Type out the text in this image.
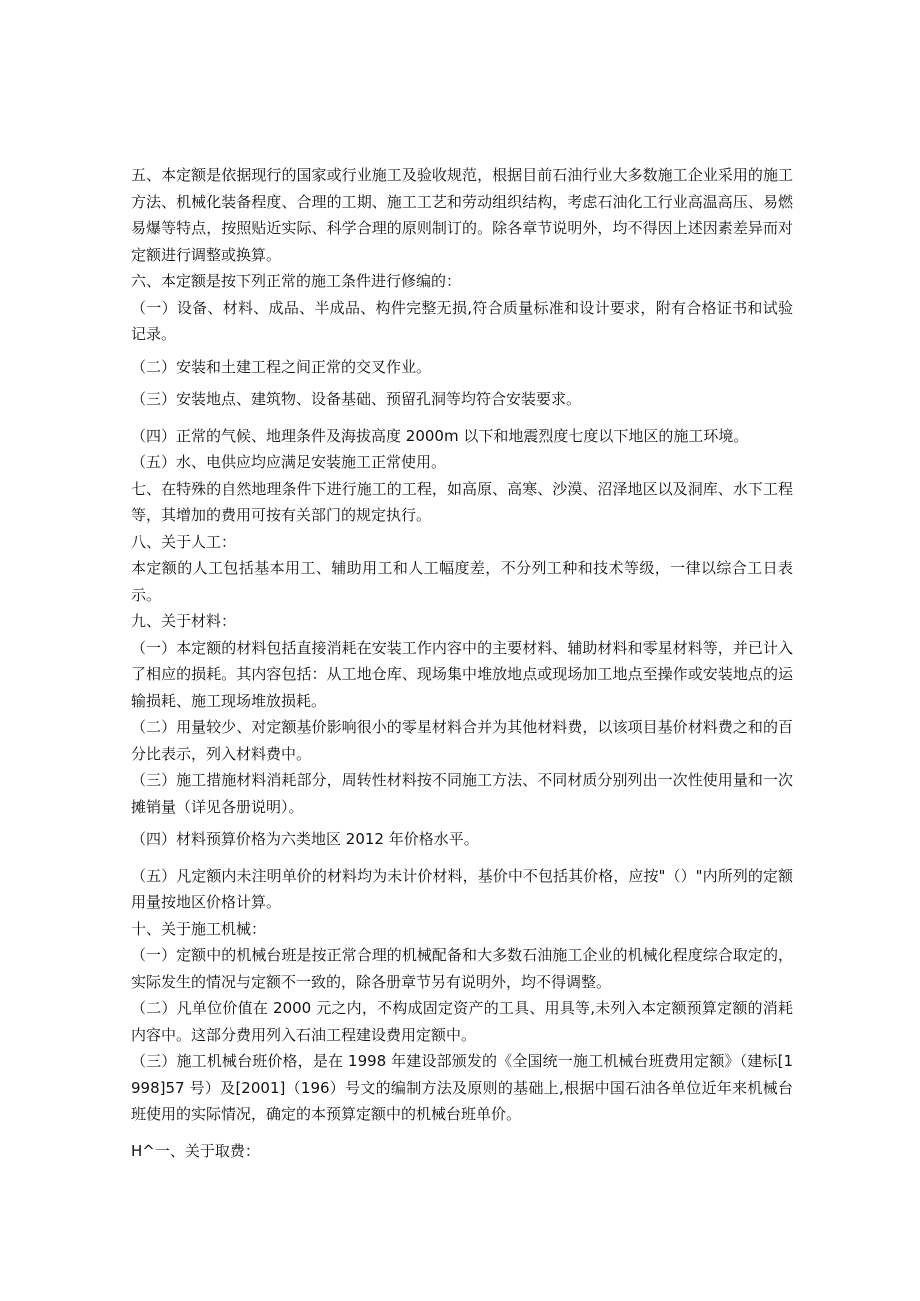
五、本定额是依据现行的国家或行业施工及验收规范，根据目前石油行业大多数施工企业采用的施工方法、机械化装备程度、合理的工期、施工工艺和劳动组织结构，考虑石油化工行业高温高压、易燃易爆等特点，按照贴近实际、科学合理的原则制订的。除各章节说明外，均不得因上述因素差异而对定额进行调整或换算。

六、本定额是按下列正常的施工条件进行修编的：

（一）设备、材料、成品、半成品、构件完整无损,符合质量标准和设计要求，附有合格证书和试验记录。

（二）安装和土建工程之间正常的交叉作业。

（三）安装地点、建筑物、设备基础、预留孔洞等均符合安装要求。

（四）正常的气候、地理条件及海拔高度 2000m 以下和地震烈度七度以下地区的施工环境。

（五）水、电供应均应满足安装施工正常使用。

七、在特殊的自然地理条件下进行施工的工程，如高原、高寒、沙漠、沼泽地区以及洞库、水下工程等，其增加的费用可按有关部门的规定执行。

八、关于人工：

本定额的人工包括基本用工、辅助用工和人工幅度差，不分列工种和技术等级，一律以综合工日表示。

九、关于材料：

（一）本定额的材料包括直接消耗在安装工作内容中的主要材料、辅助材料和零星材料等，并已计入了相应的损耗。其内容包括：从工地仓库、现场集中堆放地点或现场加工地点至操作或安装地点的运输损耗、施工现场堆放损耗。

（二）用量较少、对定额基价影响很小的零星材料合并为其他材料费，以该项目基价材料费之和的百分比表示，列入材料费中。

（三）施工措施材料消耗部分，周转性材料按不同施工方法、不同材质分别列出一次性使用量和一次摊销量（详见各册说明）。

（四）材料预算价格为六类地区 2012 年价格水平。

（五）凡定额内未注明单价的材料均为未计价材料，基价中不包括其价格，应按"（）"内所列的定额用量按地区价格计算。

十、关于施工机械：

（一）定额中的机械台班是按正常合理的机械配备和大多数石油施工企业的机械化程度综合取定的，实际发生的情况与定额不一致的，除各册章节另有说明外，均不得调整。

（二）凡单位价值在 2000 元之内，不构成固定资产的工具、用具等,未列入本定额预算定额的消耗内容中。这部分费用列入石油工程建设费用定额中。

（三）施工机械台班价格，是在 1998 年建设部颁发的《全国统一施工机械台班费用定额》（建标[1998]57 号）及[2001]（196）号文的编制方法及原则的基础上,根据中国石油各单位近年来机械台班使用的实际情况，确定的本预算定额中的机械台班单价。

H^一、关于取费：
